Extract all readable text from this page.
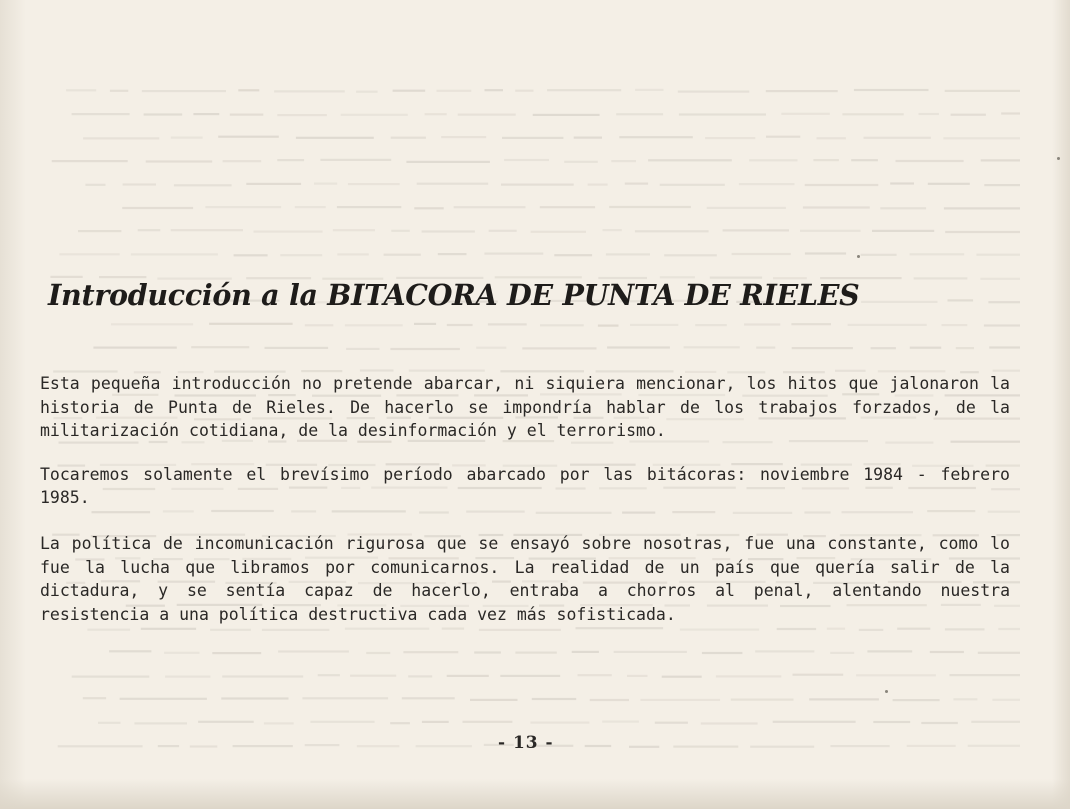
Introducción a la BITACORA DE PUNTA DE RIELES

Esta pequeña introducción no pretende abarcar, ni siquiera mencionar, los hitos que jalonaron la historia de Punta de Rieles. De hacerlo se impondría hablar de los trabajos forzados, de la militarización cotidiana, de la desinformación y el terrorismo.

Tocaremos solamente el brevísimo período abarcado por las bitácoras: noviembre 1984 - febrero 1985.

La política de incomunicación rigurosa que se ensayó sobre nosotras, fue una constante, como lo fue la lucha que libramos por comunicarnos. La realidad de un país que quería salir de la dictadura, y se sentía capaz de hacerlo, entraba a chorros al penal, alentando nuestra resistencia a una política destructiva cada vez más sofisticada.

- 13 -
